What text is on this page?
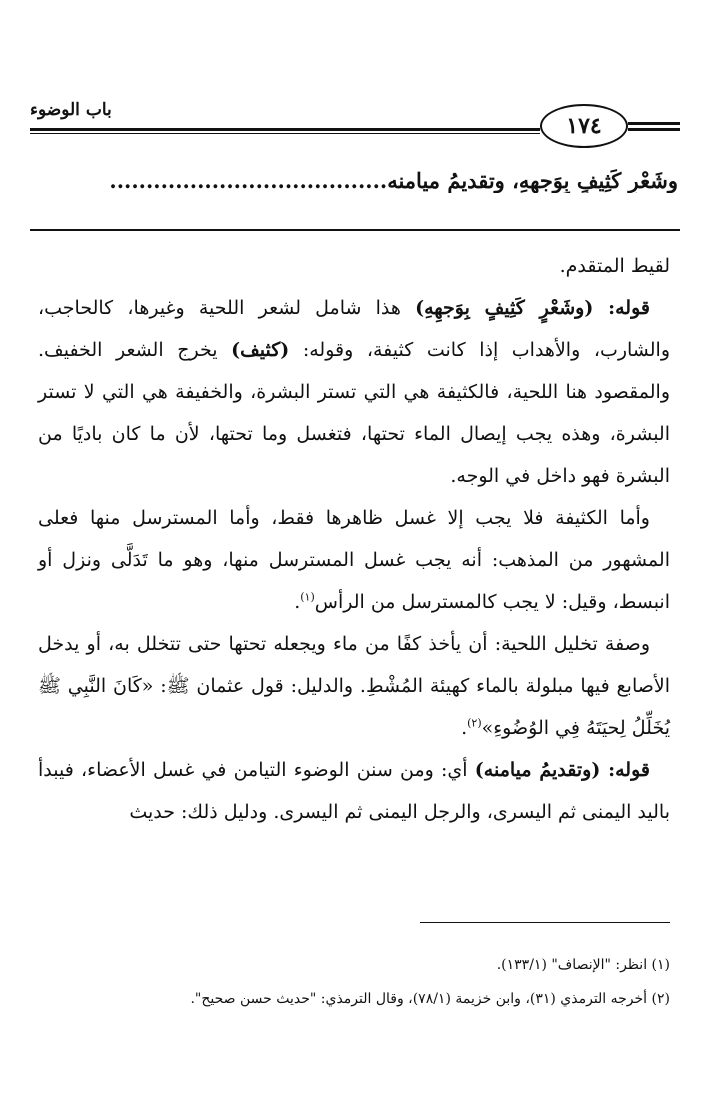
باب الوضوء
١٧٤
وشَعْرٍ كَثِيفٍ بِوَجهِهِ، وتقديمُ ميامنه......................................

لقيط المتقدم.

قوله: (وشَعْرٍ كَثِيفٍ بِوَجهِهِ) هذا شامل لشعر اللحية وغيرها، كالحاجب، والشارب، والأهداب إذا كانت كثيفة، وقوله: (كثيف) يخرج الشعر الخفيف. والمقصود هنا اللحية، فالكثيفة هي التي تستر البشرة، والخفيفة هي التي لا تستر البشرة، وهذه يجب إيصال الماء تحتها، فتغسل وما تحتها، لأن ما كان باديًا من البشرة فهو داخل في الوجه.

وأما الكثيفة فلا يجب إلا غسل ظاهرها فقط، وأما المسترسل منها فعلى المشهور من المذهب: أنه يجب غسل المسترسل منها، وهو ما تَدَلَّى ونزل أو انبسط، وقيل: لا يجب كالمسترسل من الرأس$^{(١)}$.

وصفة تخليل اللحية: أن يأخذ كفًا من ماء ويجعله تحتها حتى تتخلل به، أو يدخل الأصابع فيها مبلولة بالماء كهيئة المُشْطِ. والدليل: قول عثمان ﷺ: «كَانَ النَّبِي ﷺ يُخَلِّلُ لِحيَتَهُ فِي الوُضُوءِ»$^{(٢)}$.

قوله: (وتقديمُ ميامنه) أي: ومن سنن الوضوء التيامن في غسل الأعضاء، فيبدأ باليد اليمنى ثم اليسرى، والرجل اليمنى ثم اليسرى. ودليل ذلك: حديث

(١) انظر: "الإنصاف" (١٣٣/١).

(٢) أخرجه الترمذي (٣١)، وابن خزيمة (٧٨/١)، وقال الترمذي: "حديث حسن صحيح".
